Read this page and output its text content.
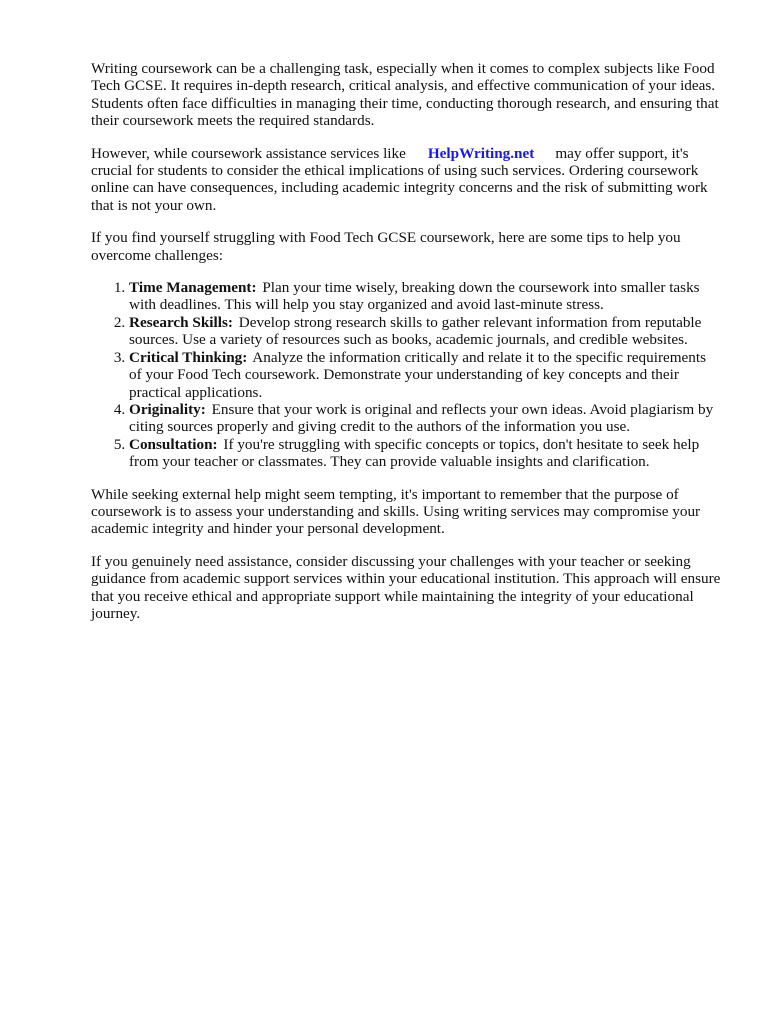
Writing coursework can be a challenging task, especially when it comes to complex subjects like Food Tech GCSE. It requires in-depth research, critical analysis, and effective communication of your ideas. Students often face difficulties in managing their time, conducting thorough research, and ensuring that their coursework meets the required standards.

However, while coursework assistance services like HelpWriting.net may offer support, it's crucial for students to consider the ethical implications of using such services. Ordering coursework online can have consequences, including academic integrity concerns and the risk of submitting work that is not your own.

If you find yourself struggling with Food Tech GCSE coursework, here are some tips to help you overcome challenges:

1. Time Management: Plan your time wisely, breaking down the coursework into smaller tasks with deadlines. This will help you stay organized and avoid last-minute stress.
2. Research Skills: Develop strong research skills to gather relevant information from reputable sources. Use a variety of resources such as books, academic journals, and credible websites.
3. Critical Thinking: Analyze the information critically and relate it to the specific requirements of your Food Tech coursework. Demonstrate your understanding of key concepts and their practical applications.
4. Originality: Ensure that your work is original and reflects your own ideas. Avoid plagiarism by citing sources properly and giving credit to the authors of the information you use.
5. Consultation: If you're struggling with specific concepts or topics, don't hesitate to seek help from your teacher or classmates. They can provide valuable insights and clarification.

While seeking external help might seem tempting, it's important to remember that the purpose of coursework is to assess your understanding and skills. Using writing services may compromise your academic integrity and hinder your personal development.

If you genuinely need assistance, consider discussing your challenges with your teacher or seeking guidance from academic support services within your educational institution. This approach will ensure that you receive ethical and appropriate support while maintaining the integrity of your educational journey.
